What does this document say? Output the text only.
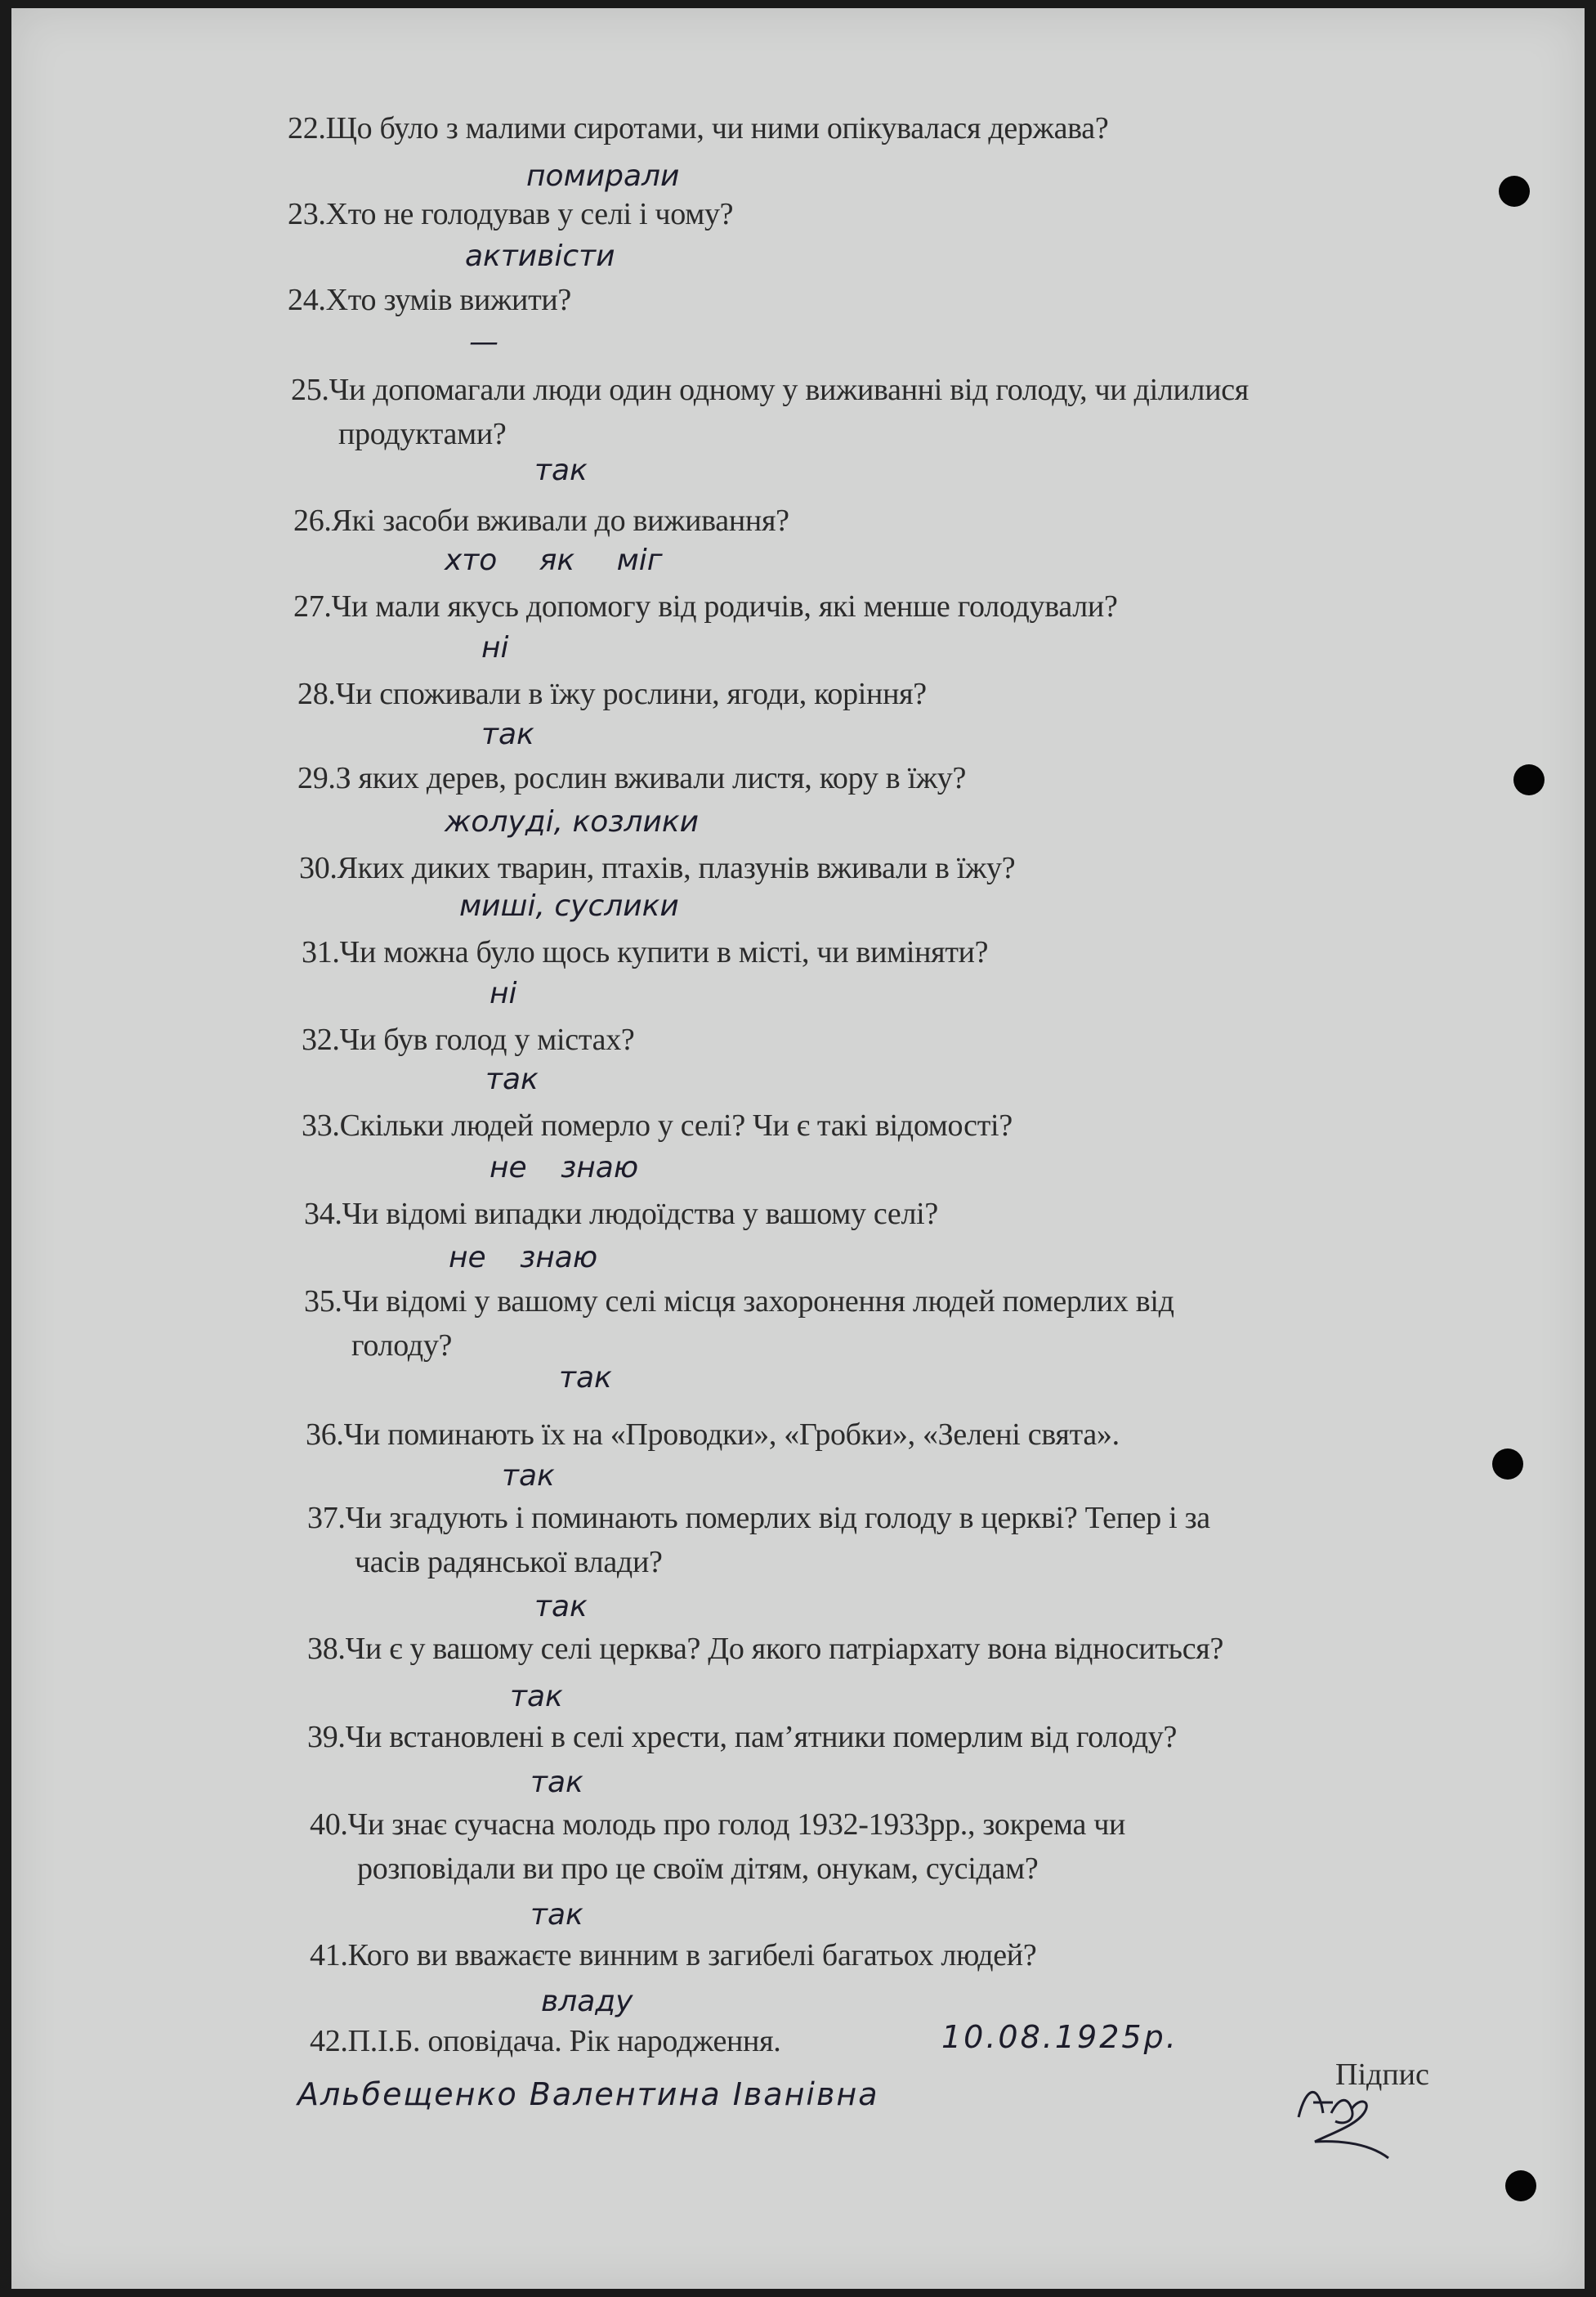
22.Що було з малими сиротами, чи ними опікувалася держава?
помирали
23.Хто не голодував у селі і чому?
активісти
24.Хто зумів вижити?
—
25.Чи допомагали люди один одному у виживанні від голоду, чи ділилися
продуктами?
так
26.Які засоби вживали до виживання?
хто як міг
27.Чи мали якусь допомогу від родичів, які менше голодували?
ні
28.Чи споживали в їжу рослини, ягоди, коріння?
так
29.З яких дерев, рослин вживали листя, кору в їжу?
жолуді, козлики
30.Яких диких тварин, птахів, плазунів вживали в їжу?
миші, суслики
31.Чи можна було щось купити в місті, чи виміняти?
ні
32.Чи був голод у містах?
так
33.Скільки людей померло у селі? Чи є такі відомості?
не знаю
34.Чи відомі випадки людоїдства у вашому селі?
не знаю
35.Чи відомі у вашому селі місця захоронення людей померлих від
голоду?
так
36.Чи поминають їх на «Проводки», «Гробки», «Зелені свята».
так
37.Чи згадують і поминають померлих від голоду в церкві? Тепер і за
часів радянської влади?
так
38.Чи є у вашому селі церква? До якого патріархату вона відноситься?
так
39.Чи встановлені в селі хрести, пам’ятники померлим від голоду?
так
40.Чи знає сучасна молодь про голод 1932-1933рр., зокрема чи
розповідали ви про це своїм дітям, онукам, сусідам?
так
41.Кого ви вважаєте винним в загибелі багатьох людей?
владу
42.П.І.Б. оповідача. Рік народження.	10.08.1925р.
Альбещенко Валентина Іванівна
Підпис
